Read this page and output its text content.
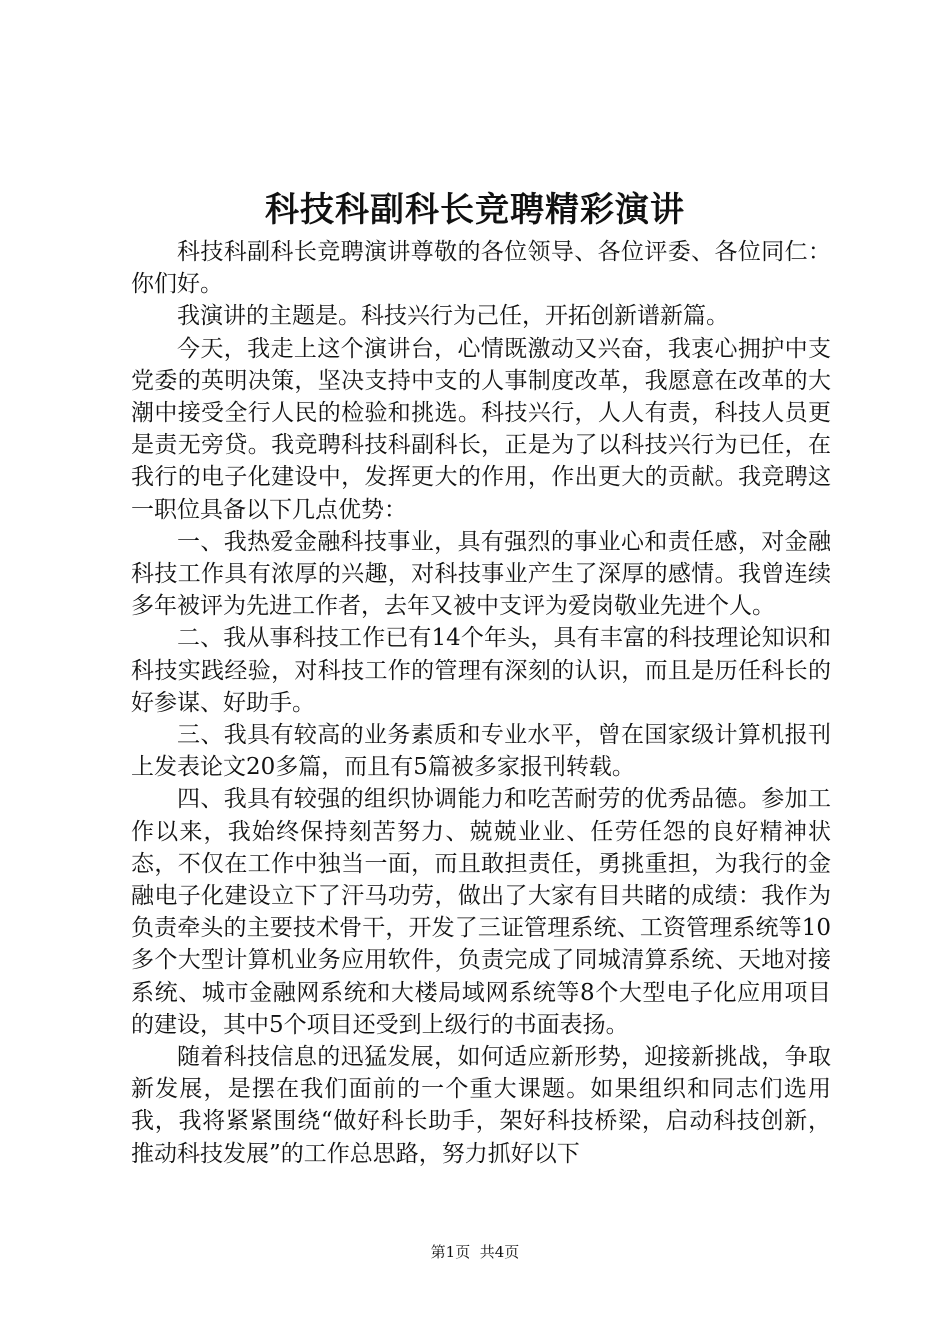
科技科副科长竞聘精彩演讲

科技科副科长竞聘演讲尊敬的各位领导、各位评委、各位同仁：你们好。

我演讲的主题是。科技兴行为己任，开拓创新谱新篇。

今天，我走上这个演讲台，心情既激动又兴奋，我衷心拥护中支党委的英明决策，坚决支持中支的人事制度改革，我愿意在改革的大潮中接受全行人民的检验和挑选。科技兴行，人人有责，科技人员更是责无旁贷。我竞聘科技科副科长，正是为了以科技兴行为已任，在我行的电子化建设中，发挥更大的作用，作出更大的贡献。我竞聘这一职位具备以下几点优势：

一、我热爱金融科技事业，具有强烈的事业心和责任感，对金融科技工作具有浓厚的兴趣，对科技事业产生了深厚的感情。我曾连续多年被评为先进工作者，去年又被中支评为爱岗敬业先进个人。

二、我从事科技工作已有14个年头，具有丰富的科技理论知识和科技实践经验，对科技工作的管理有深刻的认识，而且是历任科长的好参谋、好助手。

三、我具有较高的业务素质和专业水平，曾在国家级计算机报刊上发表论文20多篇，而且有5篇被多家报刊转载。

四、我具有较强的组织协调能力和吃苦耐劳的优秀品德。参加工作以来，我始终保持刻苦努力、兢兢业业、任劳任怨的良好精神状态，不仅在工作中独当一面，而且敢担责任，勇挑重担，为我行的金融电子化建设立下了汗马功劳，做出了大家有目共睹的成绩：我作为负责牵头的主要技术骨干，开发了三证管理系统、工资管理系统等10多个大型计算机业务应用软件，负责完成了同城清算系统、天地对接系统、城市金融网系统和大楼局域网系统等8个大型电子化应用项目的建设，其中5个项目还受到上级行的书面表扬。

随着科技信息的迅猛发展，如何适应新形势，迎接新挑战，争取新发展，是摆在我们面前的一个重大课题。如果组织和同志们选用我，我将紧紧围绕“做好科长助手，架好科技桥梁，启动科技创新，推动科技发展”的工作总思路，努力抓好以下

第1页 共4页
